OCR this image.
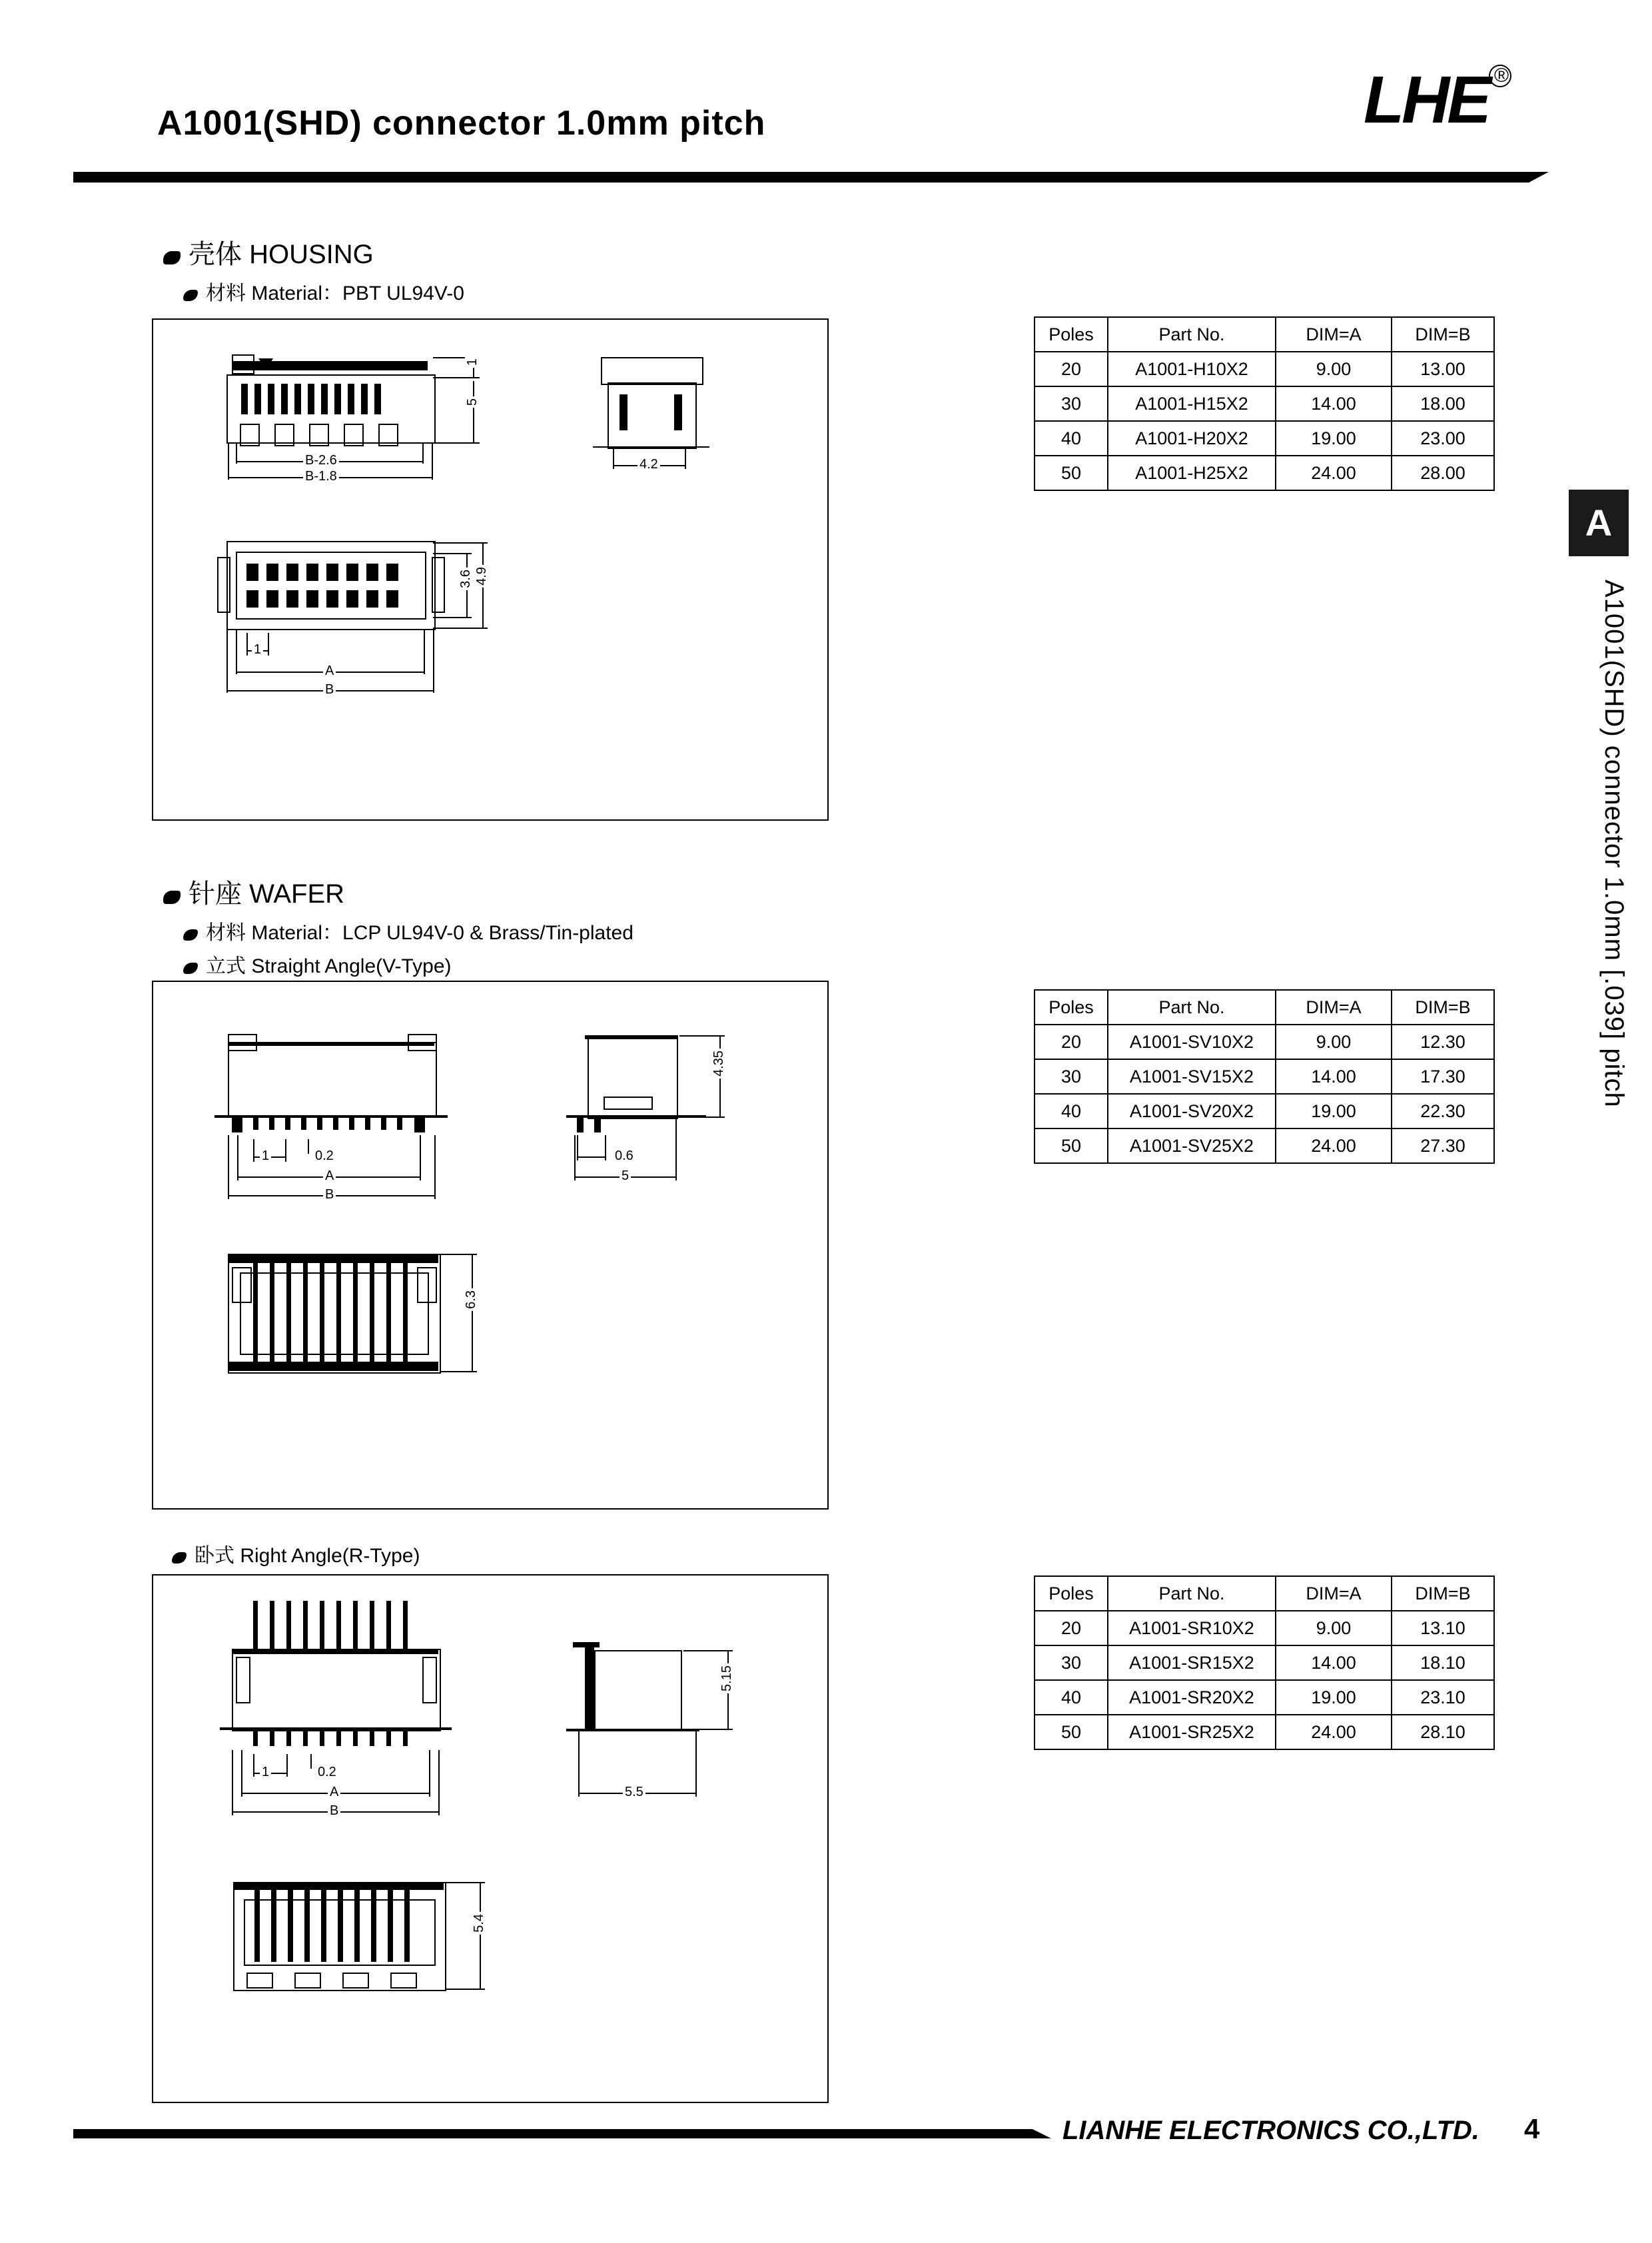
A1001(SHD) connector 1.0mm pitch	LHE ®
A
A1001(SHD) connector 1.0mm [.039] pitch
壳体 HOUSING
材料 Material：PBT UL94V-0
1
5
B-2.6
B-1.8
4.2
3.6 4.9
1
A
B
Poles	Part No.	DIM=A	DIM=B
20	A1001-H10X2	9.00	13.00
30	A1001-H15X2	14.00	18.00
40	A1001-H20X2	19.00	23.00
50	A1001-H25X2	24.00	28.00
针座 WAFER
材料 Material：LCP UL94V-0 & Brass/Tin-plated
立式 Straight Angle(V-Type)
1	0.2
A
B
4.35
0.6
5
6.3
Poles	Part No.	DIM=A	DIM=B
20	A1001-SV10X2	9.00	12.30
30	A1001-SV15X2	14.00	17.30
40	A1001-SV20X2	19.00	22.30
50	A1001-SV25X2	24.00	27.30
卧式 Right Angle(R-Type)
1	0.2
A
B
5.15
5.5
5.4
Poles	Part No.	DIM=A	DIM=B
20	A1001-SR10X2	9.00	13.10
30	A1001-SR15X2	14.00	18.10
40	A1001-SR20X2	19.00	23.10
50	A1001-SR25X2	24.00	28.10
LIANHE ELECTRONICS CO.,LTD. 4
